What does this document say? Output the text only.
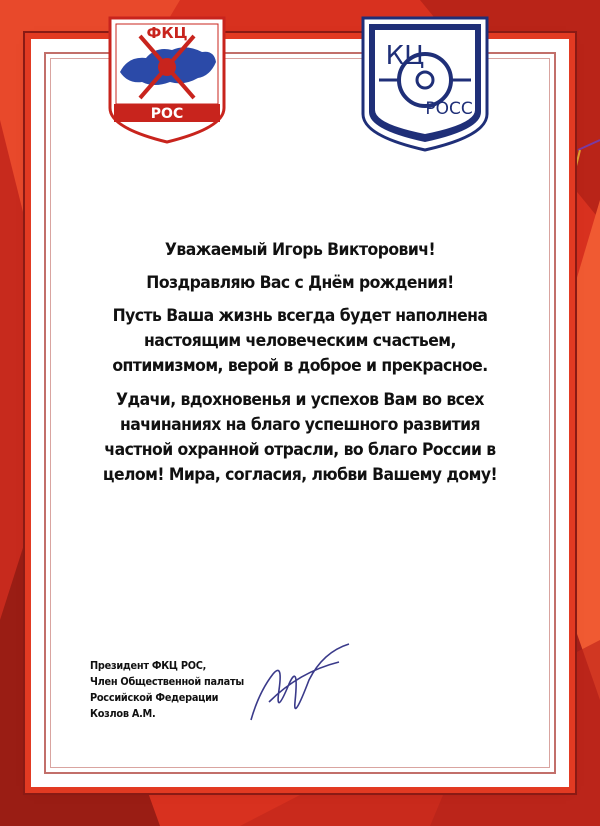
ФКЦ
РОС
КЦ
РОСС

Уважаемый Игорь Викторович!

Поздравляю Вас с Днём рождения!

Пусть Ваша жизнь всегда будет наполнена
настоящим человеческим счастьем,
оптимизмом, верой в доброе и прекрасное.

Удачи, вдохновенья и успехов Вам во всех
начинаниях на благо успешного развития
частной охранной отрасли, во благо России в
целом! Мира, согласия, любви Вашему дому!

Президент ФКЦ РОС,
Член Общественной палаты
Российской Федерации
Козлов А.М.
